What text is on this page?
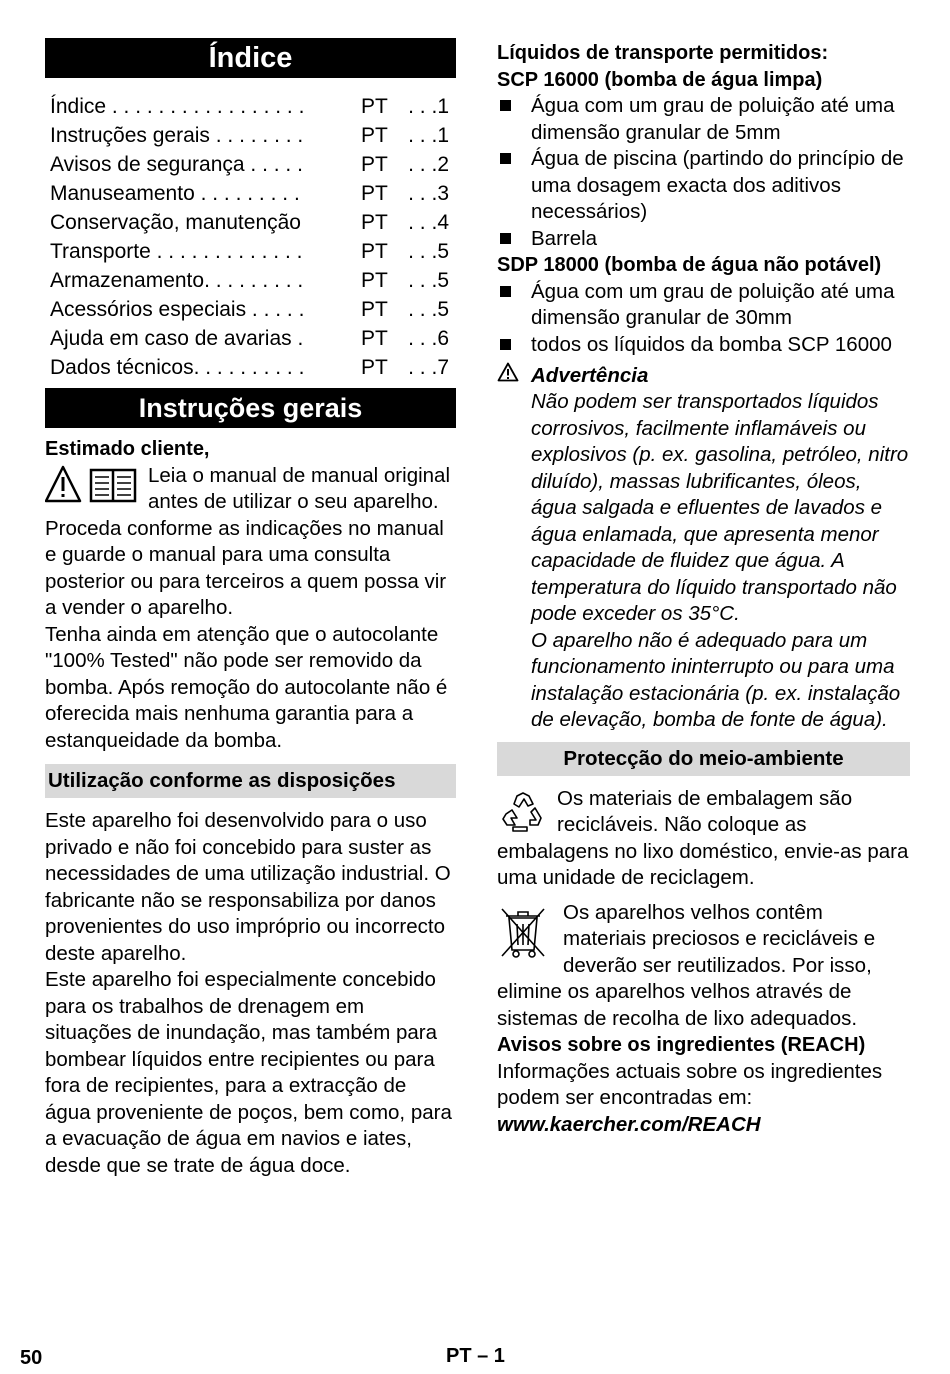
Índice
Índice . . . . . . . . . . . . . . . . .	PT . . .1
Instruções gerais . . . . . . . .	PT . . .1
Avisos de segurança . . . . .	PT . . .2
Manuseamento . . . . . . . . .	PT . . .3
Conservação, manutenção	PT . . .4
Transporte . . . . . . . . . . . . .	PT . . .5
Armazenamento. . . . . . . . .	PT . . .5
Acessórios especiais . . . . .	PT . . .5
Ajuda em caso de avarias .	PT . . .6
Dados técnicos. . . . . . . . . .	PT . . .7
Instruções gerais

Estimado cliente,

Leia o manual de manual original antes de utilizar o seu aparelho. Proceda conforme as indicações no manual e guarde o manual para uma consulta posterior ou para terceiros a quem possa vir a vender o aparelho.

Tenha ainda em atenção que o autocolante "100% Tested" não pode ser removido da bomba. Após remoção do autocolante não é oferecida mais nenhuma garantia para a estanqueidade da bomba.

Utilização conforme as disposições

Este aparelho foi desenvolvido para o uso privado e não foi concebido para suster as necessidades de uma utilização industrial. O fabricante não se responsabiliza por danos provenientes do uso impróprio ou incorrecto deste aparelho.

Este aparelho foi especialmente concebido para os trabalhos de drenagem em situações de inundação, mas também para bombear líquidos entre recipientes ou para fora de recipientes, para a extracção de água proveniente de poços, bem como, para a evacuação de água em navios e iates, desde que se trate de água doce.

Líquidos de transporte permitidos:

SCP 16000 (bomba de água limpa)

Água com um grau de poluição até uma dimensão granular de 5mm
Água de piscina (partindo do princípio de uma dosagem exacta dos aditivos necessários)
Barrela

SDP 18000 (bomba de água não potável)

Água com um grau de poluição até uma dimensão granular de 30mm
todos os líquidos da bomba SCP 16000
Advertência

Não podem ser transportados líquidos corrosivos, facilmente inflamáveis ou explosivos (p. ex. gasolina, petróleo, nitro diluído), massas lubrificantes, óleos, água salgada e efluentes de lavados e água enlamada, que apresenta menor capacidade de fluidez que água. A temperatura do líquido transportado não pode exceder os 35°C.

O aparelho não é adequado para um funcionamento ininterrupto ou para uma instalação estacionária (p. ex. instalação de elevação, bomba de fonte de água).

Protecção do meio-ambiente

Os materiais de embalagem são recicláveis. Não coloque as embalagens no lixo doméstico, envie-as para uma unidade de reciclagem.

Os aparelhos velhos contêm materiais preciosos e recicláveis e deverão ser reutilizados. Por isso, elimine os aparelhos velhos através de sistemas de recolha de lixo adequados.

Avisos sobre os ingredientes (REACH)

Informações actuais sobre os ingredientes podem ser encontradas em:

www.kaercher.com/REACH
50	PT – 1
